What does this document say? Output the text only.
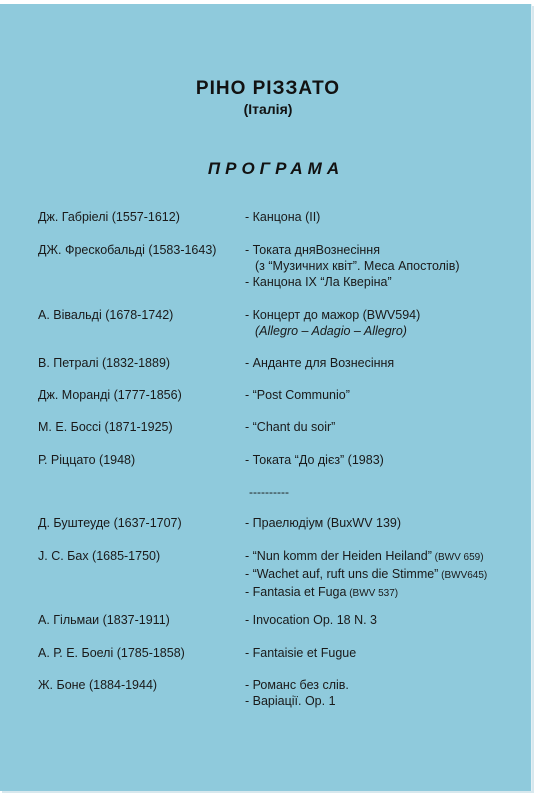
РІНО РІЗЗАТО
(Італія)
ПРОГРАМА
Дж. Габріелі (1557-1612)	- Канцона (II)
ДЖ. Фрескобальді (1583-1643) - Токата дняВознесіння
(з “Музичних квіт”. Меса Апостолів)
- Канцона IX “Ла Кверіна”
А. Вівальді (1678-1742)	- Концерт до мажор (BWV594)
(Allegro – Adagio – Allegro)
В. Петралі (1832-1889)	- Анданте для Вознесіння
Дж. Моранді (1777-1856)	- “Post Communio”
М. Е. Боссі (1871-1925)	- “Chant du soir”
Р. Ріццато (1948)	- Токата “До дієз” (1983)
Д. Буштеуде (1637-1707)	- Праелюдіум (BuxWV 139)
J. C. Бах (1685-1750)	- “Nun komm der Heiden Heiland” (BWV 659)
- “Wachet auf, ruft uns die Stimme” (BWV645)
- Fantasia et Fuga (BWV 537)
А. Гільмаи (1837-1911)	- Invocation Op. 18 N. 3
А. Р. Е. Боелі (1785-1858)	- Fantaisie et Fugue
Ж. Боне (1884-1944)	- Романс без слів.
- Варіації. Ор. 1
----------
